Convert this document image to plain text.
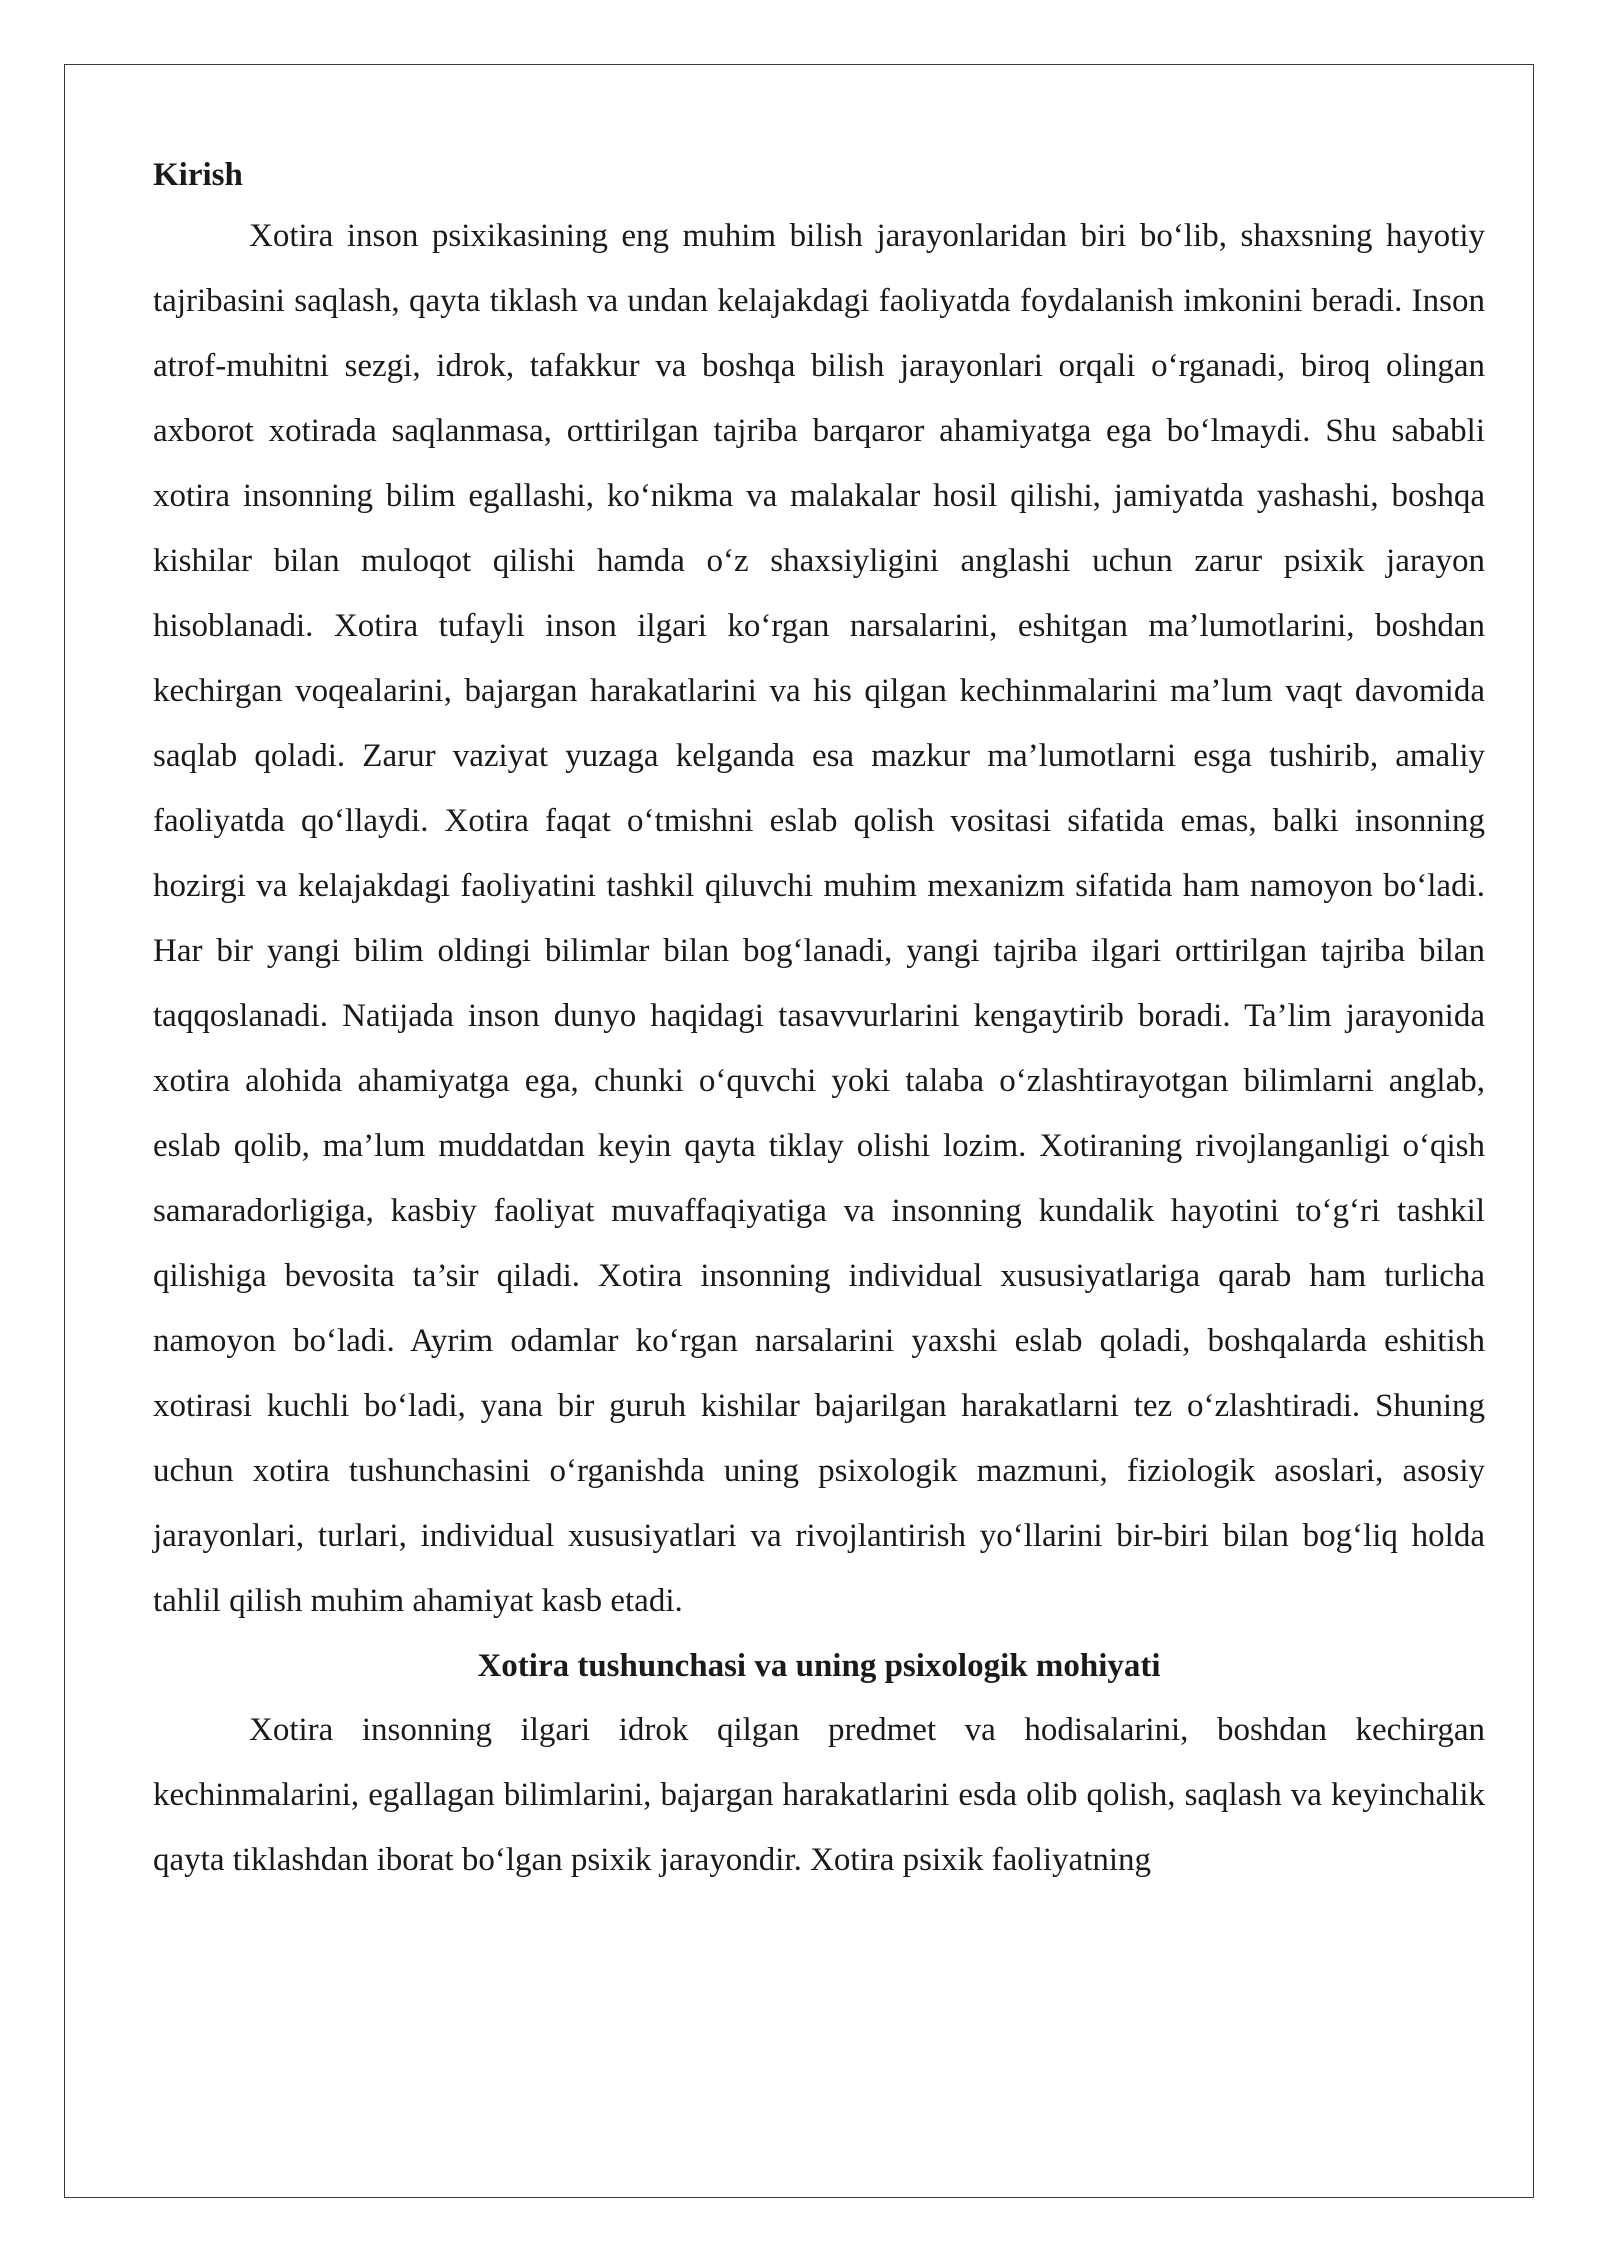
Kirish

Xotira inson psixikasining eng muhim bilish jarayonlaridan biri bo‘lib, shaxsning hayotiy tajribasini saqlash, qayta tiklash va undan kelajakdagi faoliyatda foydalanish imkonini beradi. Inson atrof-muhitni sezgi, idrok, tafakkur va boshqa bilish jarayonlari orqali o‘rganadi, biroq olingan axborot xotirada saqlanmasa, orttirilgan tajriba barqaror ahamiyatga ega bo‘lmaydi. Shu sababli xotira insonning bilim egallashi, ko‘nikma va malakalar hosil qilishi, jamiyatda yashashi, boshqa kishilar bilan muloqot qilishi hamda o‘z shaxsiyligini anglashi uchun zarur psixik jarayon hisoblanadi. Xotira tufayli inson ilgari ko‘rgan narsalarini, eshitgan ma’lumotlarini, boshdan kechirgan voqealarini, bajargan harakatlarini va his qilgan kechinmalarini ma’lum vaqt davomida saqlab qoladi. Zarur vaziyat yuzaga kelganda esa mazkur ma’lumotlarni esga tushirib, amaliy faoliyatda qo‘llaydi. Xotira faqat o‘tmishni eslab qolish vositasi sifatida emas, balki insonning hozirgi va kelajakdagi faoliyatini tashkil qiluvchi muhim mexanizm sifatida ham namoyon bo‘ladi. Har bir yangi bilim oldingi bilimlar bilan bog‘lanadi, yangi tajriba ilgari orttirilgan tajriba bilan taqqoslanadi. Natijada inson dunyo haqidagi tasavvurlarini kengaytirib boradi. Ta’lim jarayonida xotira alohida ahamiyatga ega, chunki o‘quvchi yoki talaba o‘zlashtirayotgan bilimlarni anglab, eslab qolib, ma’lum muddatdan keyin qayta tiklay olishi lozim. Xotiraning rivojlanganligi o‘qish samaradorligiga, kasbiy faoliyat muvaffaqiyatiga va insonning kundalik hayotini to‘g‘ri tashkil qilishiga bevosita ta’sir qiladi. Xotira insonning individual xususiyatlariga qarab ham turlicha namoyon bo‘ladi. Ayrim odamlar ko‘rgan narsalarini yaxshi eslab qoladi, boshqalarda eshitish xotirasi kuchli bo‘ladi, yana bir guruh kishilar bajarilgan harakatlarni tez o‘zlashtiradi. Shuning uchun xotira tushunchasini o‘rganishda uning psixologik mazmuni, fiziologik asoslari, asosiy jarayonlari, turlari, individual xususiyatlari va rivojlantirish yo‘llarini bir-biri bilan bog‘liq holda tahlil qilish muhim ahamiyat kasb etadi.

Xotira tushunchasi va uning psixologik mohiyati

Xotira insonning ilgari idrok qilgan predmet va hodisalarini, boshdan kechirgan kechinmalarini, egallagan bilimlarini, bajargan harakatlarini esda olib qolish, saqlash va keyinchalik qayta tiklashdan iborat bo‘lgan psixik jarayondir. Xotira psixik faoliyatning
